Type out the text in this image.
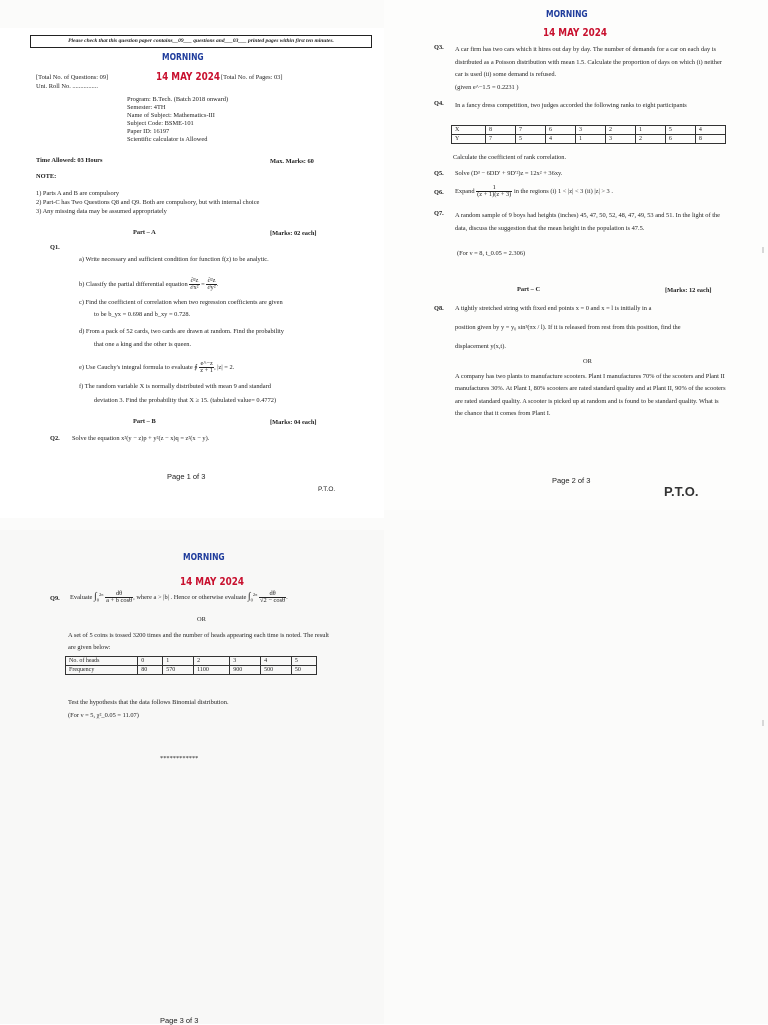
Please check that this question paper contains__09___ questions and___03___ printed pages within first ten minutes.
MORNING
[Total No. of Questions: 09]	14 MAY 2024 [Total No. of Pages: 03]
Uni. Roll No. ................
Program: B.Tech. (Batch 2018 onward)
Semester: 4TH
Name of Subject: Mathematics-III
Subject Code: BSME-101
Paper ID: 16197
Scientific calculator is Allowed
Time Allowed: 03 Hours	Max. Marks: 60
NOTE:
1) Parts A and B are compulsory
2) Part-C has Two Questions Q8 and Q9. Both are compulsory, but with internal choice
3) Any missing data may be assumed appropriately
Part – A	[Marks: 02 each]
Q1.
a) Write necessary and sufficient condition for function f(z) to be analytic.
b) Classify the partial differential equation $\frac{\text{∂²z}}{\text{∂x²}} = \frac{\text{∂²z}}{\text{∂y²}}$ .
c) Find the coefficient of correlation when two regression coefficients are given
to be b_yx = 0.698 and b_xy = 0.728.
d) From a pack of 52 cards, two cards are drawn at random. Find the probability
that one a king and the other is queen.
e) Use Cauchy's integral formula to evaluate ∮ $\frac{e\^{}-z}{z + 1}$ , |z| = 2.
f) The random variable X is normally distributed with mean 9 and standard
deviation 3. Find the probability that X ≥ 15. (tabulated value= 0.4772)
Part – B	[Marks: 04 each]
Q2. Solve the equation x²(y − z)p + y²(z − x)q = z²(x − y).
Page 1 of 3
P.T.O.
MORNING
14 MAY 2024
Q3. A car firm has two cars which it hires out day by day. The number of demands for a car on each day is distributed as a Poisson distribution with mean 1.5. Calculate the proportion of days on which (i) neither car is used (ii) some demand is refused.
(given e^−1.5 = 0.2231 )
Q4. In a fancy dress competition, two judges accorded the following ranks to eight participants
X	8	7	6	3	2	1	5	4
Y	7	5	4	1	3	2	6	8
Calculate the coefficient of rank correlation.
Q5. Solve (D³ − 6DD′ + 9D′²)z = 12x² + 36xy.
Q6. Expand $\frac{1}{(z + 1)(z + 3)}$ in the regions (i) 1 < |z| < 3 (ii) |z| > 3 .
Q7. A random sample of 9 boys had heights (inches) 45, 47, 50, 52, 48, 47, 49, 53 and 51. In the light of the data, discuss the suggestion that the mean height in the population is 47.5.
(For ν = 8, t_0.05 = 2.306)
Part – C	[Marks: 12 each]
Q8. A tightly stretched string with fixed end points x = 0 and x = l is initially in a
position given by y = y₀ sin³(πx / l). If it is released from rest from this position, find the
displacement y(x,t).
OR
A company has two plants to manufacture scooters. Plant I manufactures 70% of the scooters and Plant II manufactures 30%. At Plant I, 80% scooters are rated standard quality and at Plant II, 90% of the scooters are rated standard quality. A scooter is picked up at random and is found to be standard quality. What is the chance that it comes from Plant I.
Page 2 of 3
P.T.O.
MORNING
14 MAY 2024
Q9. Evaluate $\int_0^{2\pi} \frac{d\theta}{\text{a + b cosθ}}$ , where a > |b| . Hence or otherwise evaluate $\int_0^{2\pi} \frac{d\theta}{√2 - \cos\theta}$ .
OR
A set of 5 coins is tossed 3200 times and the number of heads appearing each time is noted. The result are given below:
No. of heads	0	1	2	3	4	5
Frequency	80	570	1100	900	500	50
Test the hypothesis that the data follows Binomial distribution.
(For ν = 5, χ²_0.05 = 11.07)
************
Page 3 of 3
